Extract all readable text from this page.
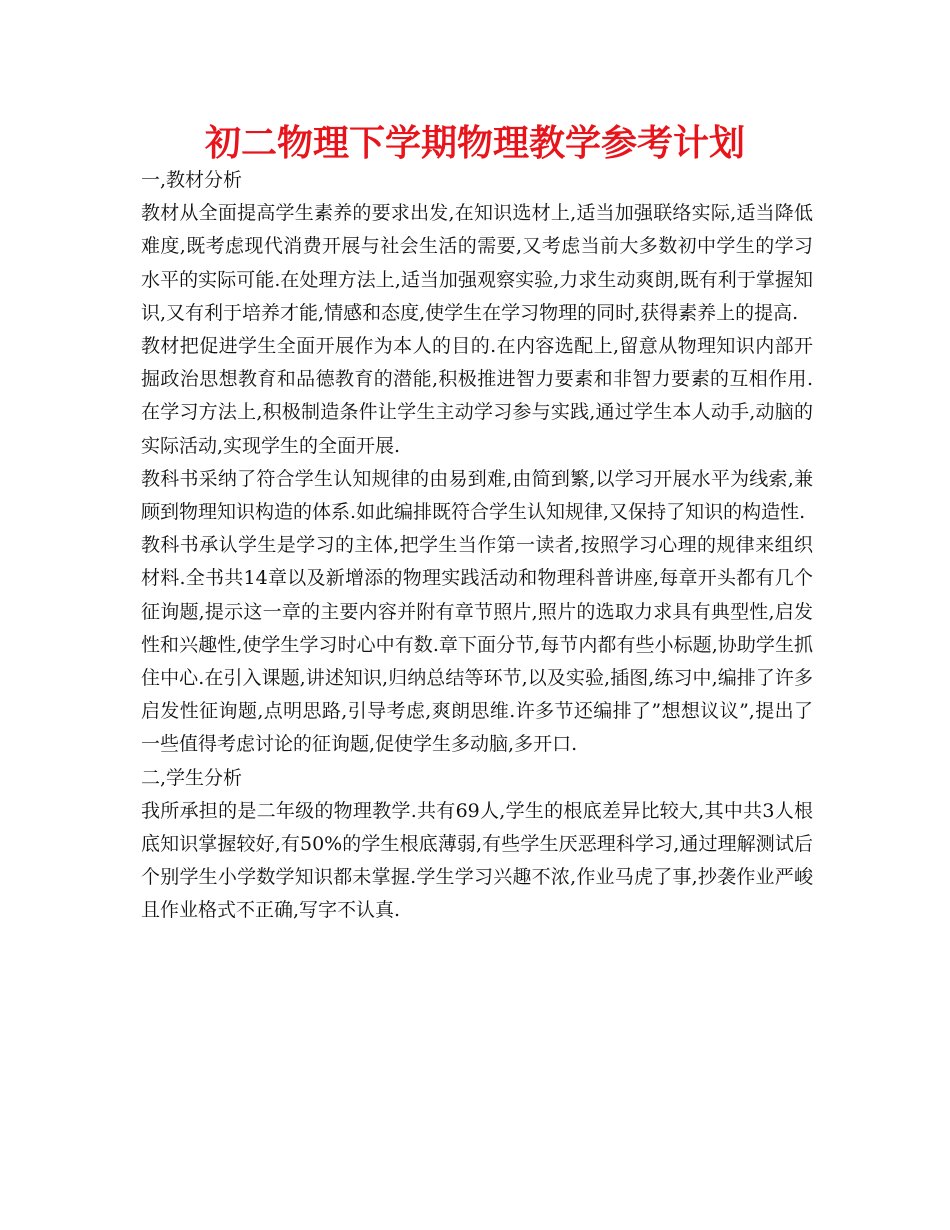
初二物理下学期物理教学参考计划

一,教材分析

教材从全面提高学生素养的要求出发,在知识选材上,适当加强联络实际,适当降低难度,既考虑现代消费开展与社会生活的需要,又考虑当前大多数初中学生的学习水平的实际可能.在处理方法上,适当加强观察实验,力求生动爽朗,既有利于掌握知识,又有利于培养才能,情感和态度,使学生在学习物理的同时,获得素养上的提高.

教材把促进学生全面开展作为本人的目的.在内容选配上,留意从物理知识内部开掘政治思想教育和品德教育的潜能,积极推进智力要素和非智力要素的互相作用.在学习方法上,积极制造条件让学生主动学习参与实践,通过学生本人动手,动脑的实际活动,实现学生的全面开展.

教科书采纳了符合学生认知规律的由易到难,由简到繁,以学习开展水平为线索,兼顾到物理知识构造的体系.如此编排既符合学生认知规律,又保持了知识的构造性.

教科书承认学生是学习的主体,把学生当作第一读者,按照学习心理的规律来组织材料.全书共14章以及新增添的物理实践活动和物理科普讲座,每章开头都有几个征询题,提示这一章的主要内容并附有章节照片,照片的选取力求具有典型性,启发性和兴趣性,使学生学习时心中有数.章下面分节,每节内都有些小标题,协助学生抓住中心.在引入课题,讲述知识,归纳总结等环节,以及实验,插图,练习中,编排了许多启发性征询题,点明思路,引导考虑,爽朗思维.许多节还编排了”想想议议”,提出了一些值得考虑讨论的征询题,促使学生多动脑,多开口.

二,学生分析

我所承担的是二年级的物理教学.共有69人,学生的根底差异比较大,其中共3人根底知识掌握较好,有50%的学生根底薄弱,有些学生厌恶理科学习,通过理解测试后个别学生小学数学知识都未掌握.学生学习兴趣不浓,作业马虎了事,抄袭作业严峻且作业格式不正确,写字不认真.
